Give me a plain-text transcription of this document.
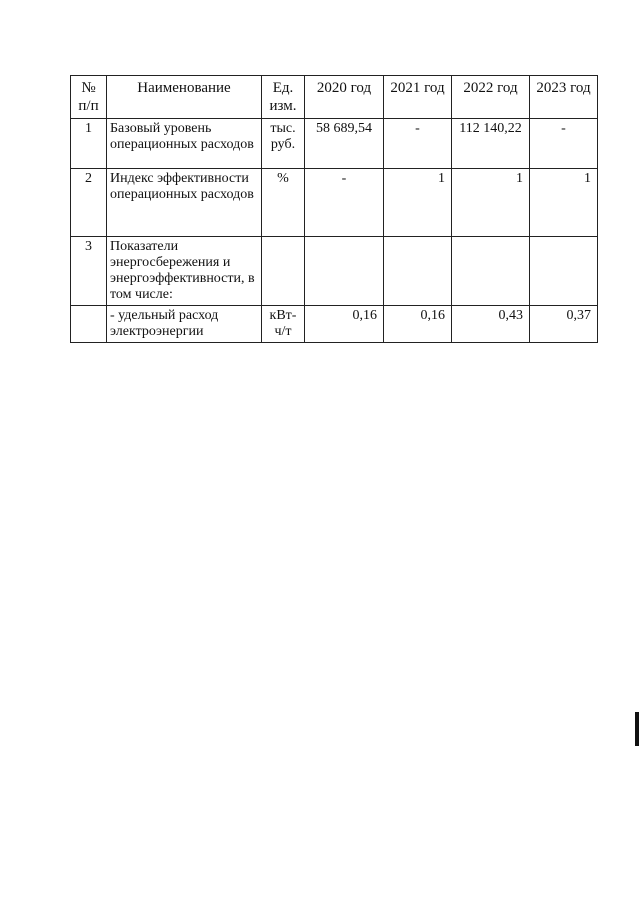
№ п/п	Наименование	Ед. изм.	2020 год	2021 год	2022 год	2023 год
1	Базовый уровень операционных расходов	тыс. руб.	58 689,54	-	112 140,22	-
2	Индекс эффективности операционных расходов	%	-	1	1	1
3	Показатели энергосбережения и энергоэффективности, в том числе:					
	- удельный расход электроэнергии	кВт-ч/т	0,16	0,16	0,43	0,37
